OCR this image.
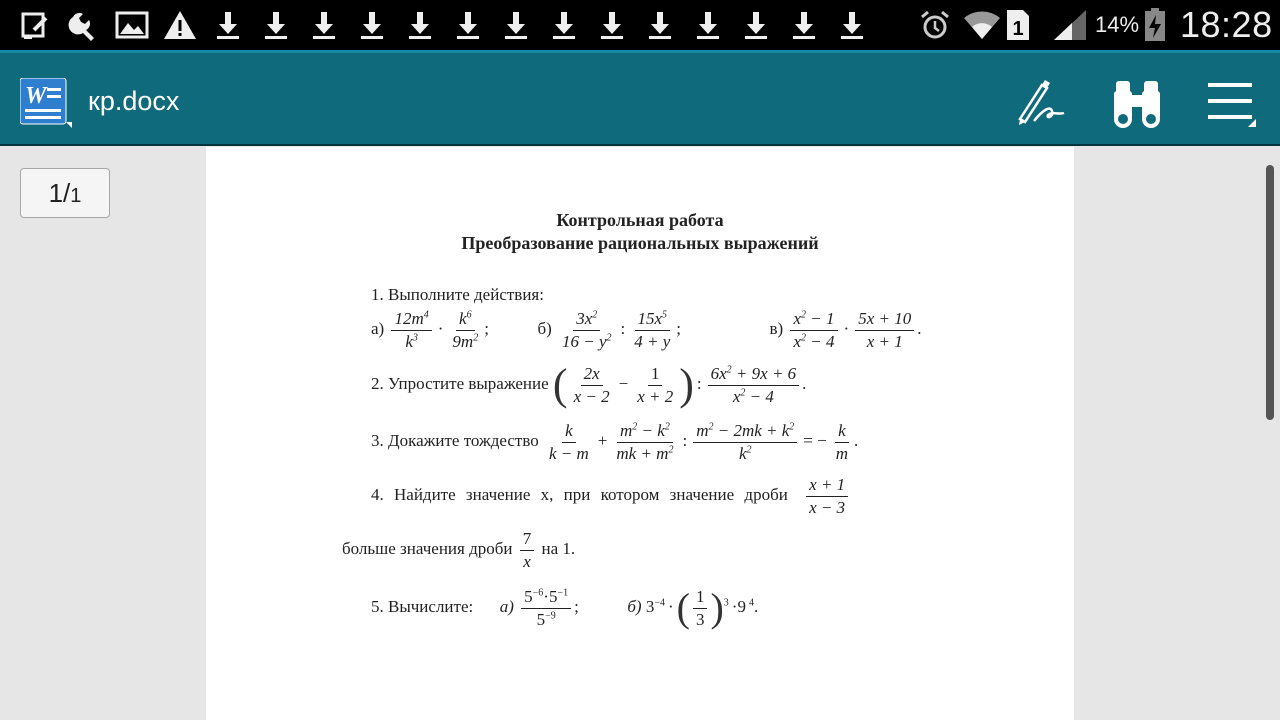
1	14% 18:28
W кр.docx
1/1
Контрольная работа
Преобразование рациональных выражений
1. Выполните действия:
$а) \frac{12m^4}{k^3} \cdot \frac{k^6}{9m^2}$ ;	$б) \frac{3x^2}{16 - y^2}$ : $\frac{15x^5}{4 + y}$ ;	$в) \frac{x^2 - 1}{x^2 - 4} \cdot \frac{5x + 10}{x + 1}$ .
2. Упростите выражение ( $\frac{2x}{x - 2} - \frac{1}{x + 2}$ ) : $\frac{6x^2 + 9x + 6}{x^2 - 4}$ .
3. Докажите тождество $\frac{k}{k - m} + \frac{m^2 - k^2}{mk + m^2}$ : $\frac{m^2 - 2mk + k^2}{k^2}$ = − $\frac{k}{m}$ .
4. Найдите значение x, при котором значение дроби $\frac{x + 1}{x - 3}$
больше значения дроби $\frac{7}{x}$ на 1.
5. Вычислите: $а) \frac{5^{-6}\cdot 5^{-1}}{5^{-9}}$ ;	б) $3^{-4}$ ·( $\frac{1}{3} )^3 \cdot 9$ $^4$.
